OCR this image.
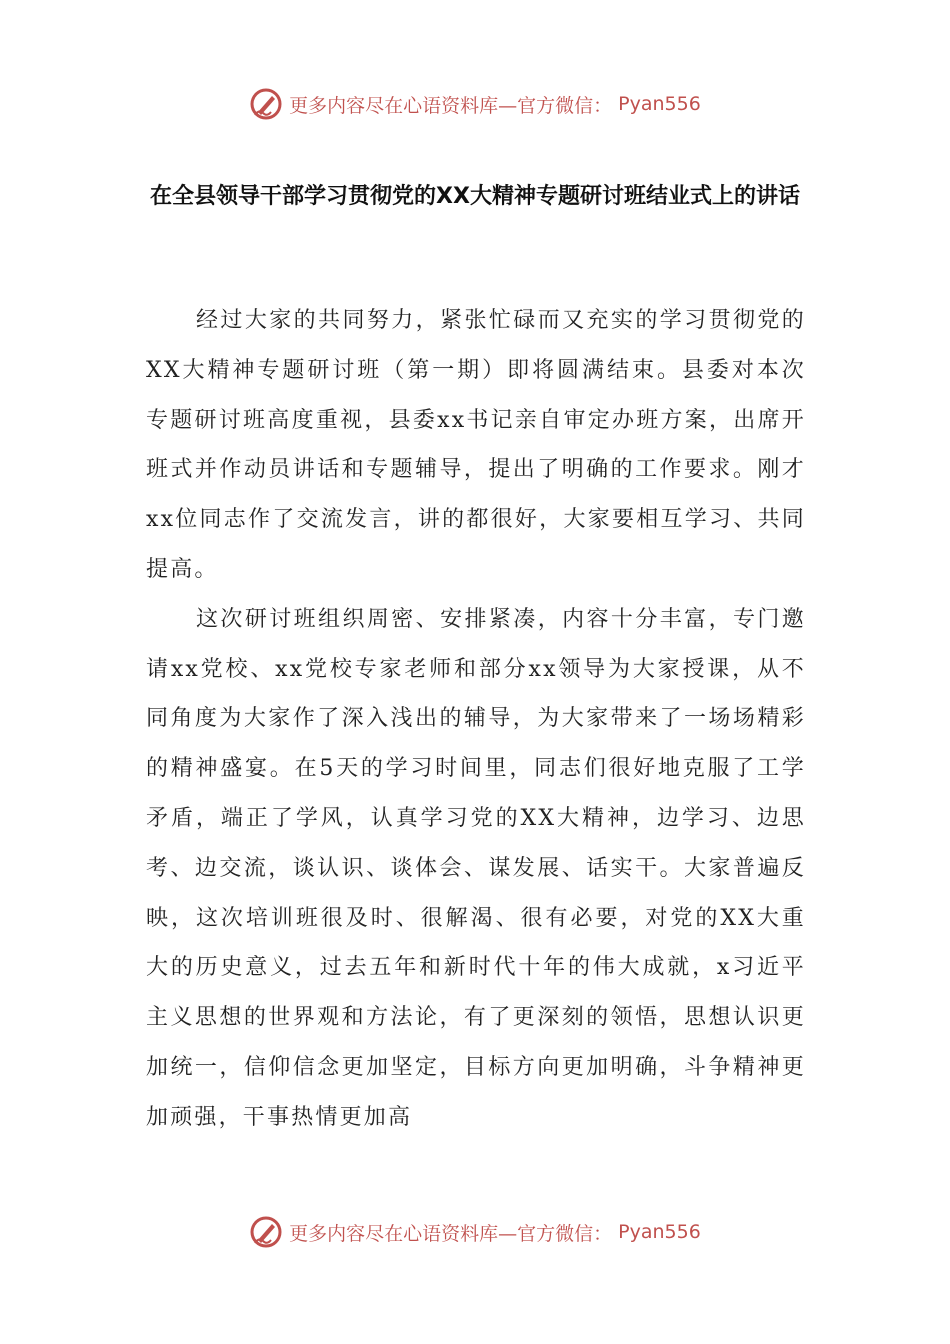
更多内容尽在心语资料库—官方微信： Pyan556
在全县领导干部学习贯彻党的XX大精神专题研讨班结业式上的讲话

经过大家的共同努力，紧张忙碌而又充实的学习贯彻党的XX大精神专题研讨班（第一期）即将圆满结束。县委对本次专题研讨班高度重视，县委xx书记亲自审定办班方案，出席开班式并作动员讲话和专题辅导，提出了明确的工作要求。刚才xx位同志作了交流发言，讲的都很好，大家要相互学习、共同提高。

这次研讨班组织周密、安排紧凑，内容十分丰富，专门邀请xx党校、xx党校专家老师和部分xx领导为大家授课，从不同角度为大家作了深入浅出的辅导，为大家带来了一场场精彩的精神盛宴。在5天的学习时间里，同志们很好地克服了工学矛盾，端正了学风，认真学习党的XX大精神，边学习、边思考、边交流，谈认识、谈体会、谋发展、话实干。大家普遍反映，这次培训班很及时、很解渴、很有必要，对党的XX大重大的历史意义，过去五年和新时代十年的伟大成就，x习近平主义思想的世界观和方法论，有了更深刻的领悟，思想认识更加统一，信仰信念更加坚定，目标方向更加明确，斗争精神更加顽强，干事热情更加高

更多内容尽在心语资料库—官方微信： Pyan556
